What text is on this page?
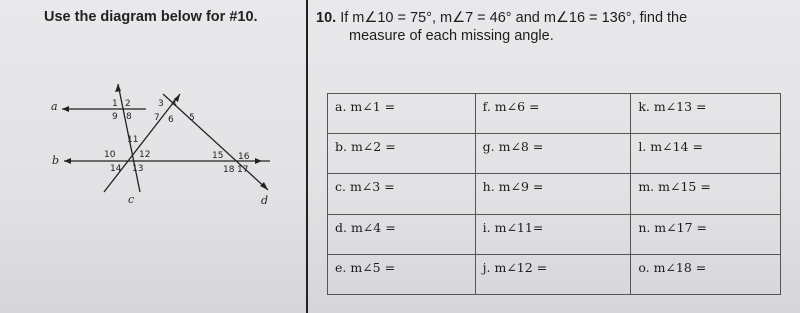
Use the diagram below for #10.
a
b
c	d
1 2	3 4
5
6
7
8
9
10
11
12
13
14
15 16
17
18
10. If m∠10 = 75°, m∠7 = 46° and m∠16 = 136°, find the
measure of each missing angle.
a. m∠1 =	f. m∠6 =	k. m∠13 =
b. m∠2 =	g. m∠8 =	l. m∠14 =
c. m∠3 =	h. m∠9 =	m. m∠15 =
d. m∠4 =	i. m∠11=	n. m∠17 =
e. m∠5 =	j. m∠12 =	o. m∠18 =
